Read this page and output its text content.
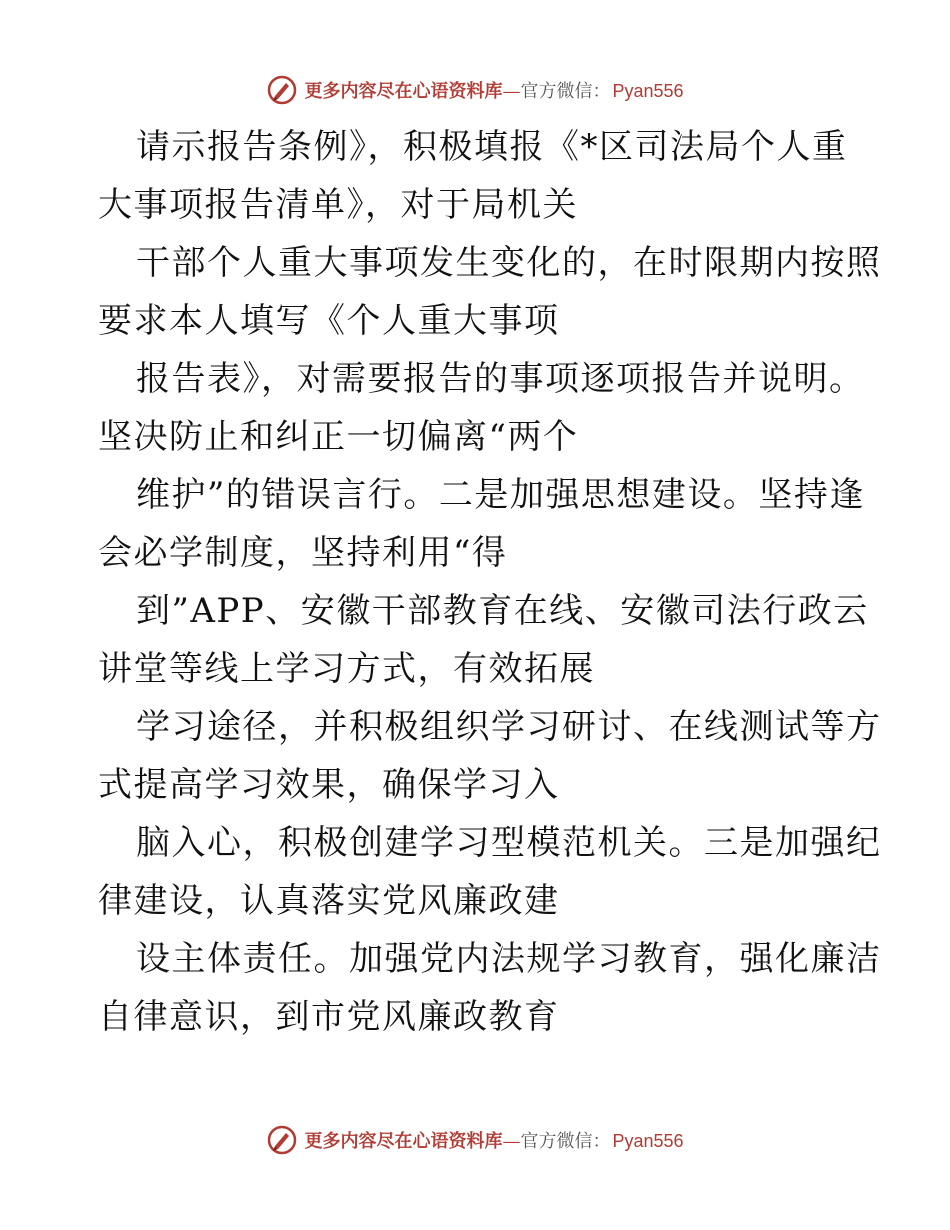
更多内容尽在心语资料库—官方微信： Pyan556

请示报告条例》，积极填报《*区司法局个人重
大事项报告清单》，对于局机关

干部个人重大事项发生变化的，在时限期内按照
要求本人填写《个人重大事项

报告表》，对需要报告的事项逐项报告并说明。
坚决防止和纠正一切偏离“两个

维护”的错误言行。二是加强思想建设。坚持逢
会必学制度，坚持利用“得

到”APP、安徽干部教育在线、安徽司法行政云
讲堂等线上学习方式，有效拓展

学习途径，并积极组织学习研讨、在线测试等方
式提高学习效果，确保学习入

脑入心，积极创建学习型模范机关。三是加强纪
律建设，认真落实党风廉政建

设主体责任。加强党内法规学习教育，强化廉洁
自律意识，到市党风廉政教育

更多内容尽在心语资料库—官方微信： Pyan556
